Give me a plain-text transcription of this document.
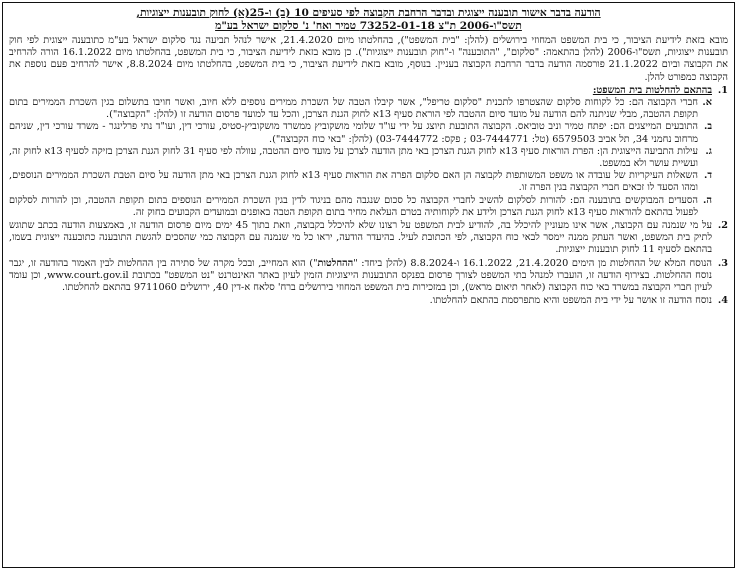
הודעה בדבר אישור תובענה ייצוגית ובדבר הרחבת הקבוצה לפי סעיפים 10 (ב) ו-25(א) לחוק תובענות ייצוגיות,
תשס"ו-2006 ת"צ 73252-01-18 טמיר ואח' נ' סלקום ישראל בע"מ
מובא בזאת לידיעת הציבור, כי בית המשפט המחוזי בירושלים (להלן: "בית המשפט"), בהחלטתו מיום 21.4.2020, אישר לנהל תביעה נגד סלקום ישראל בע"מ כתובענה ייצוגית לפי חוק תובענות ייצוגיות, תשס"ו-2006 (להלן בהתאמה: "סלקום", "התובענה" ו-"חוק תובענות ייצוגיות"). כן מובא בזאת לידיעת הציבור, כי בית המשפט, בהחלטתו מיום 16.1.2022 הורה להרחיב את הקבוצה וביום 21.1.2022 פורסמה הודעה בדבר הרחבת הקבוצה בעניין. בנוסף, מובא בזאת לידיעת הציבור, כי בית המשפט, בהחלטתו מיום 8.8.2024, אישר להרחיב פעם נוספת את הקבוצה כמפורט להלן.
1.
בהתאם להחלטות בית המשפט:
א.
חברי הקבוצה הם: כל לקוחות סלקום שהצטרפו לתכנית "סלקום טריפל", אשר קיבלו הטבה של השכרת ממירים נוספים ללא חיוב, ואשר חויבו בתשלום בגין השכרת הממירים בתום תקופת ההטבה, מבלי שניתנה להם הודעה על מועד סיום ההטבה לפי הוראת סעיף 13א לחוק הגנת הצרכן, והכל עד למועד פרסום הודעה זו (להלן: "הקבוצה").
ב.
התובעים המייצגים הם: יפתח טמיר וניב טוביאס. הקבוצה התובעת תיוצג על ידי עו"ד שלומי מושקוביץ ממשרד מושקוביץ-סטיס, עורכי דין, ועו"ד נתי פרלינגר - משרד עורכי דין, שניהם מרחוב נחמני 34, תל אביב 6579503 (טל: 03-7444771 ; פקס: 03-7444772) (להלן: "באי כוח הקבוצה").
ג.
עילות התביעה הייצוגית הן: הפרת הוראות סעיף 13א לחוק הגנת הצרכן באי מתן הודעה לצרכן על מועד סיום ההטבה, עוולה לפי סעיף 31 לחוק הגנת הצרכן בזיקה לסעיף 13א לחוק זה, ועשיית עושר ולא במשפט.
ד.
השאלות העיקריות של עובדה או משפט המשותפות לקבוצה הן האם סלקום הפרה את הוראות סעיף 13א לחוק הגנת הצרכן באי מתן הודעה על סיום הטבת השכרת הממירים הנוספים, ומהו הסעד לו זכאים חברי הקבוצה בגין הפרה זו.
ה.
הסעדים המבוקשים בתובענה הם: להורות לסלקום להשיב לחברי הקבוצה כל סכום שנגבה מהם בניגוד לדין בגין השכרת הממירים הנוספים בתום תקופת ההטבה, וכן להורות לסלקום לפעול בהתאם להוראות סעיף 13א לחוק הגנת הצרכן ולידע את לקוחותיה בטרם העלאת מחיר בתום תקופת הטבה באופנים ובמועדים הקבועים בחוק זה.
2.
על מי שנמנה עם הקבוצה, אשר אינו מעוניין להיכלל בה, להודיע לבית המשפט על רצונו שלא להיכלל בקבוצה, וזאת בתוך 45 ימים מיום פרסום הודעה זו, באמצעות הודעה בכתב שתוגש לתיק בית המשפט, ואשר העתק ממנה יימסר לבאי כוח הקבוצה, לפי הכתובת לעיל. בהיעדר הודעה, יראו כל מי שנמנה עם הקבוצה כמי שהסכים להגשת התובענה כתובענה ייצוגית בשמו, בהתאם לסעיף 11 לחוק תובענות ייצוגיות.
3.
הנוסח המלא של ההחלטות מן הימים 21.4.2020, 16.1.2022 ו-8.8.2024 (להלן ביחד: "ההחלטות") הוא המחייב, ובכל מקרה של סתירה בין ההחלטות לבין האמור בהודעה זו, יגבר נוסח ההחלטות. בצירוף הודעה זו, הועברו למנהל בתי המשפט לצורך פרסום בפנקס התובענות הייצוגיות הזמין לעיון באתר האינטרנט "נט המשפט" בכתובת www.court.gov.il, וכן עומד לעיון חברי הקבוצה במשרד באי כוח הקבוצה (לאחר תיאום מראש), וכן במזכירות בית המשפט המחוזי בירושלים ברח' סלאח א-דין 40, ירושלים 9711060 בהתאם להחלטתו.
4.
נוסח הודעה זו אושר על ידי בית המשפט והיא מתפרסמת בהתאם להחלטתו.
